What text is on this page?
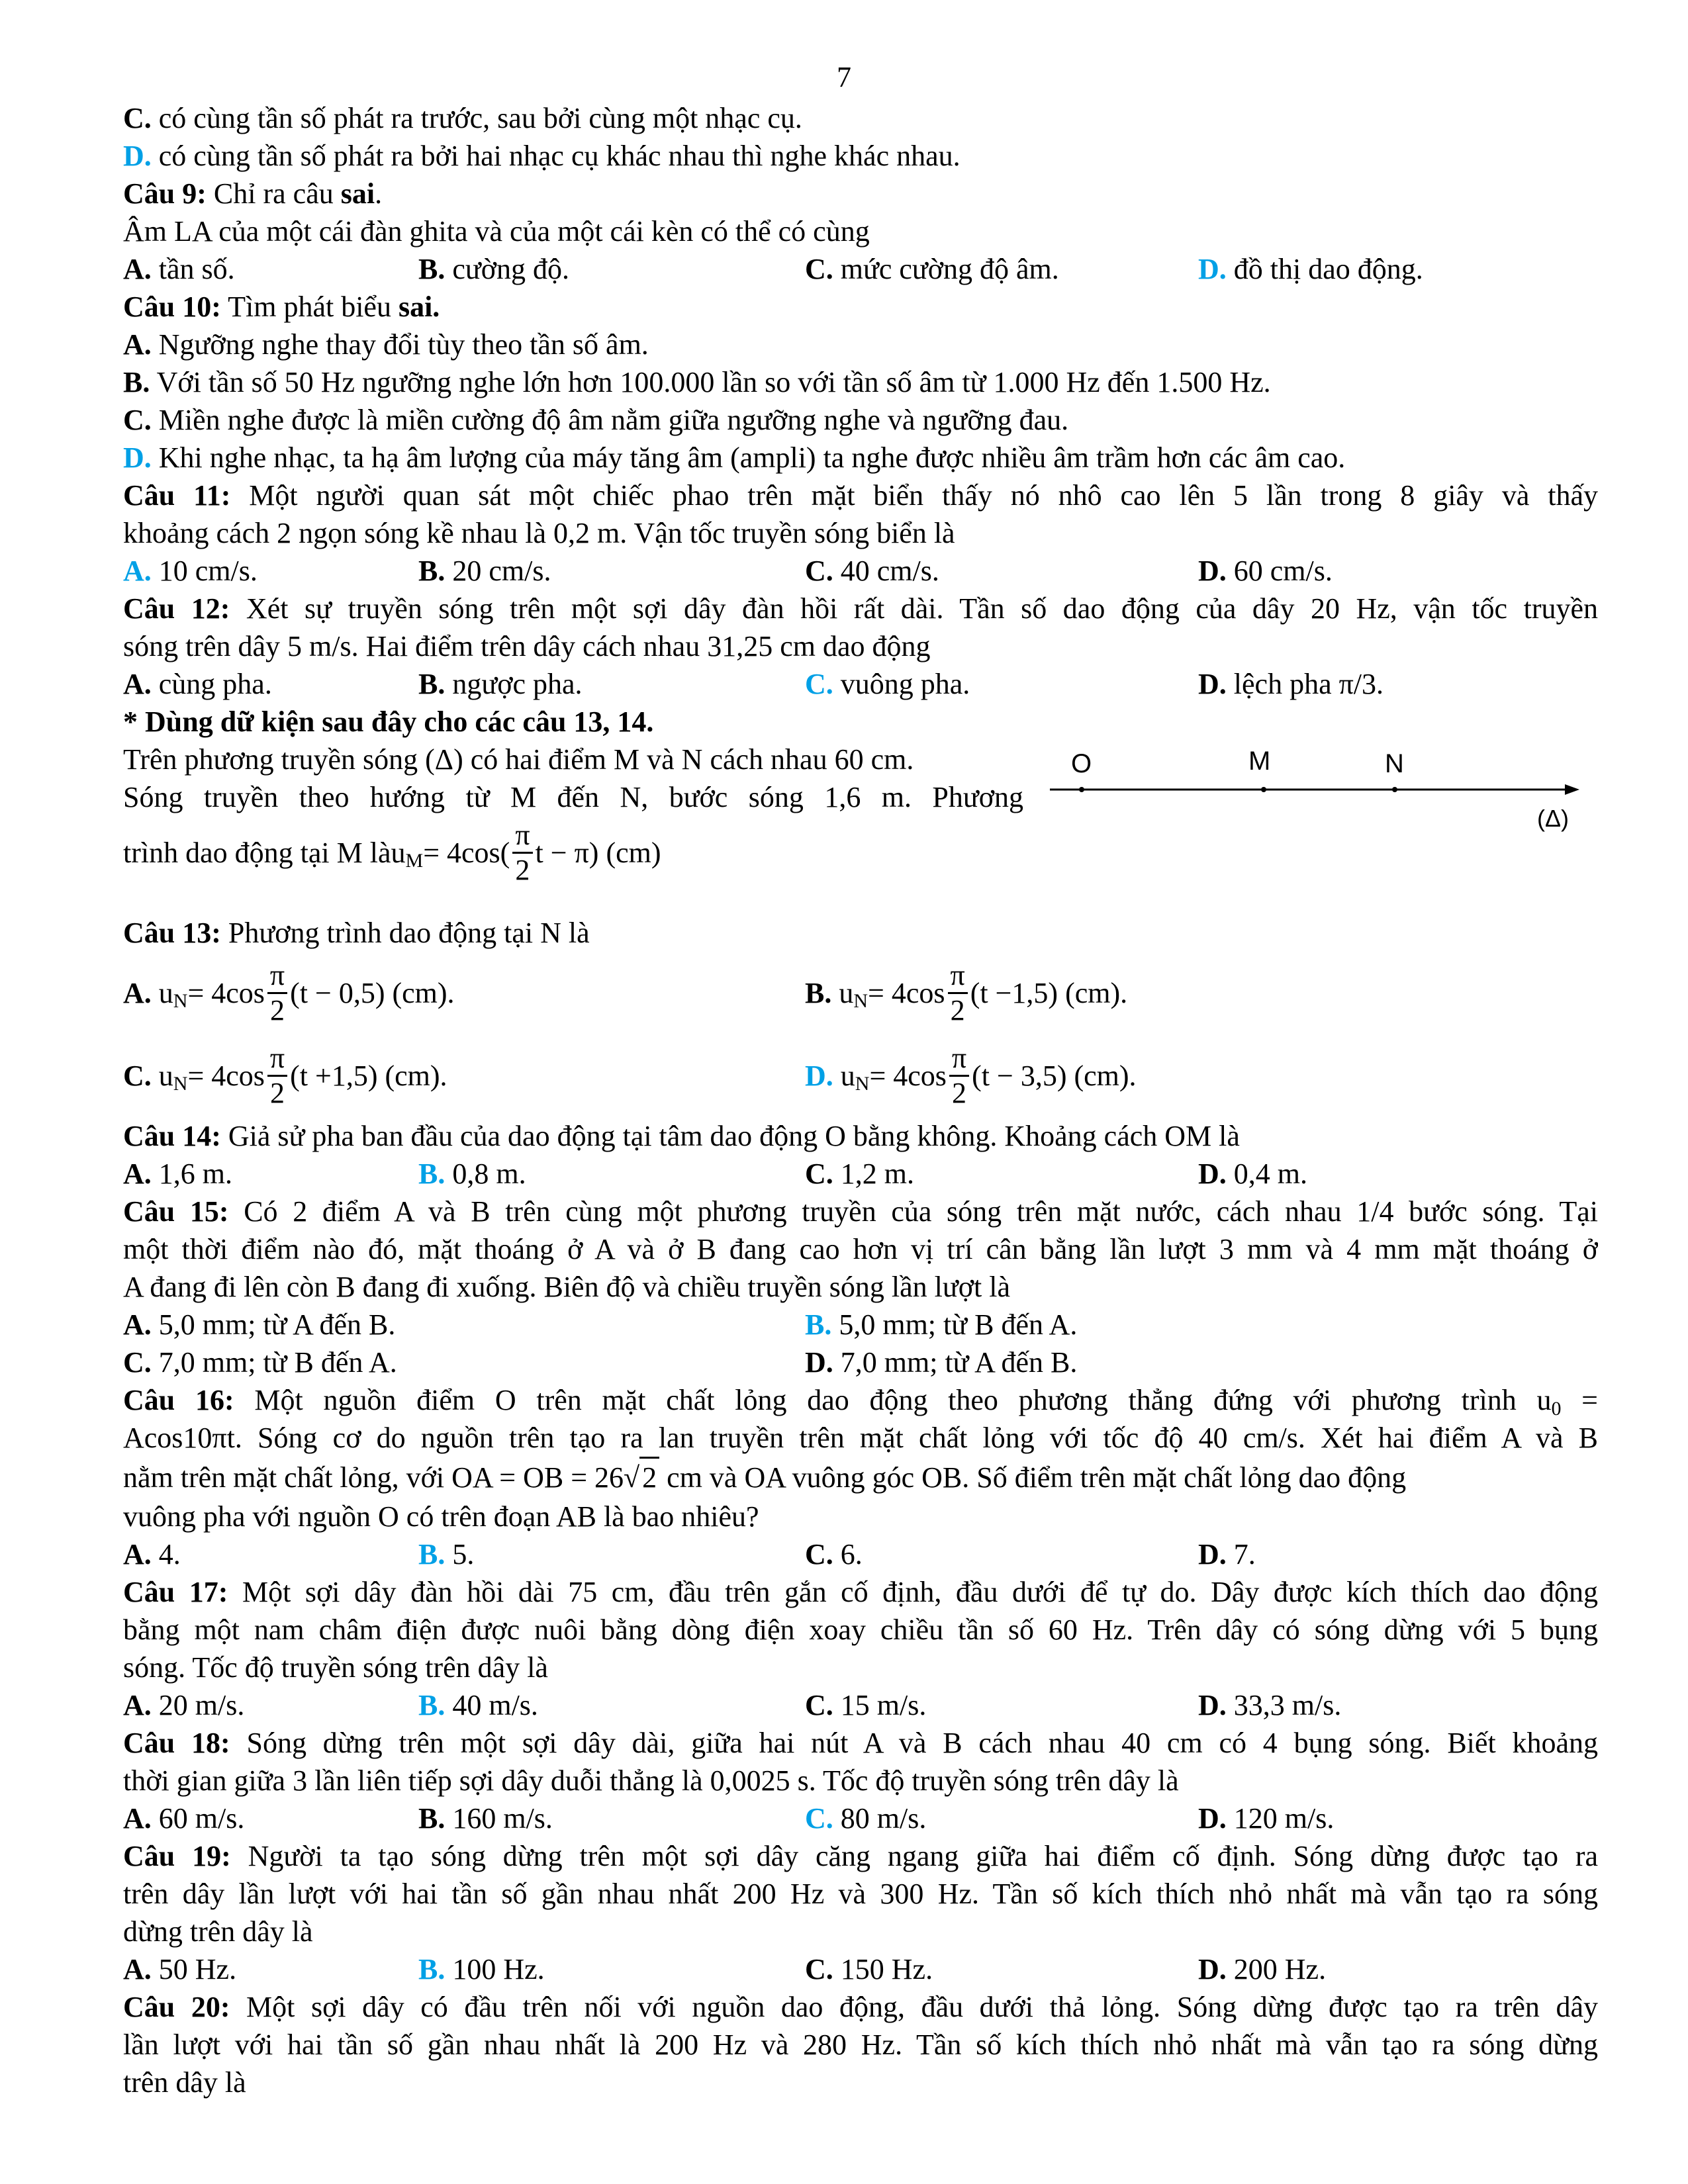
7
C. có cùng tần số phát ra trước, sau bởi cùng một nhạc cụ.
D. có cùng tần số phát ra bởi hai nhạc cụ khác nhau thì nghe khác nhau.
Câu 9: Chỉ ra câu sai.
Âm LA của một cái đàn ghita và của một cái kèn có thể có cùng
A. tần số.	B. cường độ.	C. mức cường độ âm.	D. đồ thị dao động.
Câu 10: Tìm phát biểu sai.
A. Ngưỡng nghe thay đổi tùy theo tần số âm.
B. Với tần số 50 Hz ngưỡng nghe lớn hơn 100.000 lần so với tần số âm từ 1.000 Hz đến 1.500 Hz.
C. Miền nghe được là miền cường độ âm nằm giữa ngưỡng nghe và ngưỡng đau.
D. Khi nghe nhạc, ta hạ âm lượng của máy tăng âm (ampli) ta nghe được nhiều âm trầm hơn các âm cao.
Câu 11: Một người quan sát một chiếc phao trên mặt biển thấy nó nhô cao lên 5 lần trong 8 giây và thấy
khoảng cách 2 ngọn sóng kề nhau là 0,2 m. Vận tốc truyền sóng biển là
A. 10 cm/s.	B. 20 cm/s.	C. 40 cm/s.	D. 60 cm/s.
Câu 12: Xét sự truyền sóng trên một sợi dây đàn hồi rất dài. Tần số dao động của dây 20 Hz, vận tốc truyền
sóng trên dây 5 m/s. Hai điểm trên dây cách nhau 31,25 cm dao động
A. cùng pha.	B. ngược pha.	C. vuông pha.	D. lệch pha π/3.
* Dùng dữ kiện sau đây cho các câu 13, 14.
Trên phương truyền sóng (Δ) có hai điểm M và N cách nhau 60 cm.
Sóng truyền theo hướng từ M đến N, bước sóng 1,6 m. Phương
trình dao động tại M là u $M = 4\cos( \frac{\pi}{2}$ t − π) (cm)
O	M	N
(Δ)
Câu 13: Phương trình dao động tại N là
A.
u $N = 4\cos \frac{\pi}{2} (t - 0,5)$ (cm).	B.
u $N = 4\cos \frac{\pi}{2} (t -1,5)$ (cm).
C.
u $N = 4\cos \frac{\pi}{2} (t +1,5)$ (cm).	D.
u $N = 4\cos \frac{\pi}{2} (t - 3,5)$ (cm).
Câu 14: Giả sử pha ban đầu của dao động tại tâm dao động O bằng không. Khoảng cách OM là
A. 1,6 m.	B. 0,8 m.	C. 1,2 m.	D. 0,4 m.
Câu 15: Có 2 điểm A và B trên cùng một phương truyền của sóng trên mặt nước, cách nhau 1/4 bước sóng. Tại
một thời điểm nào đó, mặt thoáng ở A và ở B đang cao hơn vị trí cân bằng lần lượt 3 mm và 4 mm mặt thoáng ở
A đang đi lên còn B đang đi xuống. Biên độ và chiều truyền sóng lần lượt là
A. 5,0 mm; từ A đến B.	B. 5,0 mm; từ B đến A.
C. 7,0 mm; từ B đến A.	D. 7,0 mm; từ A đến B.
Câu 16: Một nguồn điểm O trên mặt chất lỏng dao động theo phương thẳng đứng với phương trình u0 =
Acos10πt. Sóng cơ do nguồn trên tạo ra lan truyền trên mặt chất lỏng với tốc độ 40 cm/s. Xét hai điểm A và B
nằm trên mặt chất lỏng, với OA = OB = 26 √ 2 cm và OA vuông góc OB. Số điểm trên mặt chất lỏng dao động
vuông pha với nguồn O có trên đoạn AB là bao nhiêu?
A. 4.	B. 5.	C. 6.	D. 7.
Câu 17: Một sợi dây đàn hồi dài 75 cm, đầu trên gắn cố định, đầu dưới để tự do. Dây được kích thích dao động
bằng một nam châm điện được nuôi bằng dòng điện xoay chiều tần số 60 Hz. Trên dây có sóng dừng với 5 bụng
sóng. Tốc độ truyền sóng trên dây là
A. 20 m/s.	B. 40 m/s.	C. 15 m/s.	D. 33,3 m/s.
Câu 18: Sóng dừng trên một sợi dây dài, giữa hai nút A và B cách nhau 40 cm có 4 bụng sóng. Biết khoảng
thời gian giữa 3 lần liên tiếp sợi dây duỗi thẳng là 0,0025 s. Tốc độ truyền sóng trên dây là
A. 60 m/s.	B. 160 m/s.	C. 80 m/s.	D. 120 m/s.
Câu 19: Người ta tạo sóng dừng trên một sợi dây căng ngang giữa hai điểm cố định. Sóng dừng được tạo ra
trên dây lần lượt với hai tần số gần nhau nhất 200 Hz và 300 Hz. Tần số kích thích nhỏ nhất mà vẫn tạo ra sóng
dừng trên dây là
A. 50 Hz.	B. 100 Hz.	C. 150 Hz.	D. 200 Hz.
Câu 20: Một sợi dây có đầu trên nối với nguồn dao động, đầu dưới thả lỏng. Sóng dừng được tạo ra trên dây
lần lượt với hai tần số gần nhau nhất là 200 Hz và 280 Hz. Tần số kích thích nhỏ nhất mà vẫn tạo ra sóng dừng
trên dây là
